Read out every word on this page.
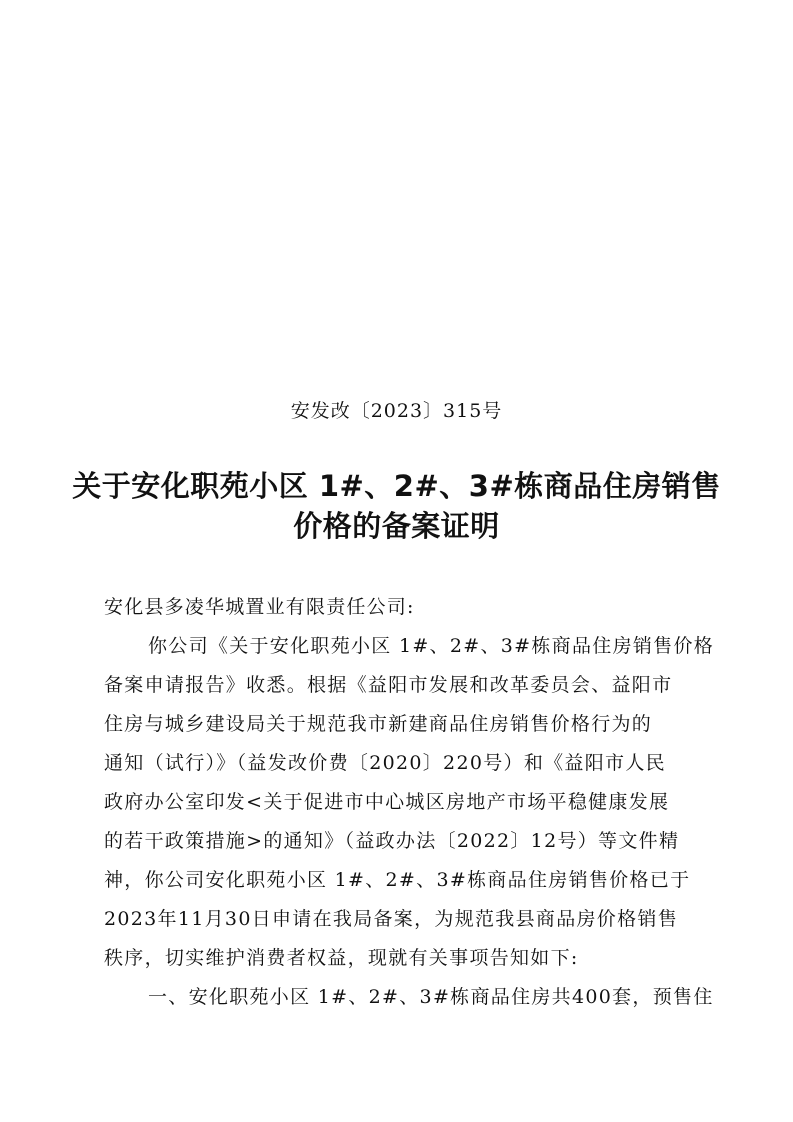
安发改〔2023〕315号
关于安化职苑小区 1#、2#、3#栋商品住房销售
价格的备案证明
安化县多凌华城置业有限责任公司:
你公司《关于安化职苑小区 1#、2#、3#栋商品住房销售价格
备案申请报告》收悉。根据《益阳市发展和改革委员会、益阳市
住房与城乡建设局关于规范我市新建商品住房销售价格行为的
通知（试行）》（益发改价费〔2020〕220号）和《益阳市人民
政府办公室印发<关于促进市中心城区房地产市场平稳健康发展
的若干政策措施>的通知》（益政办法〔2022〕12号）等文件精
神，你公司安化职苑小区 1#、2#、3#栋商品住房销售价格已于
2023年11月30日申请在我局备案，为规范我县商品房价格销售
秩序，切实维护消费者权益，现就有关事项告知如下:
一、安化职苑小区 1#、2#、3#栋商品住房共400套，预售住
